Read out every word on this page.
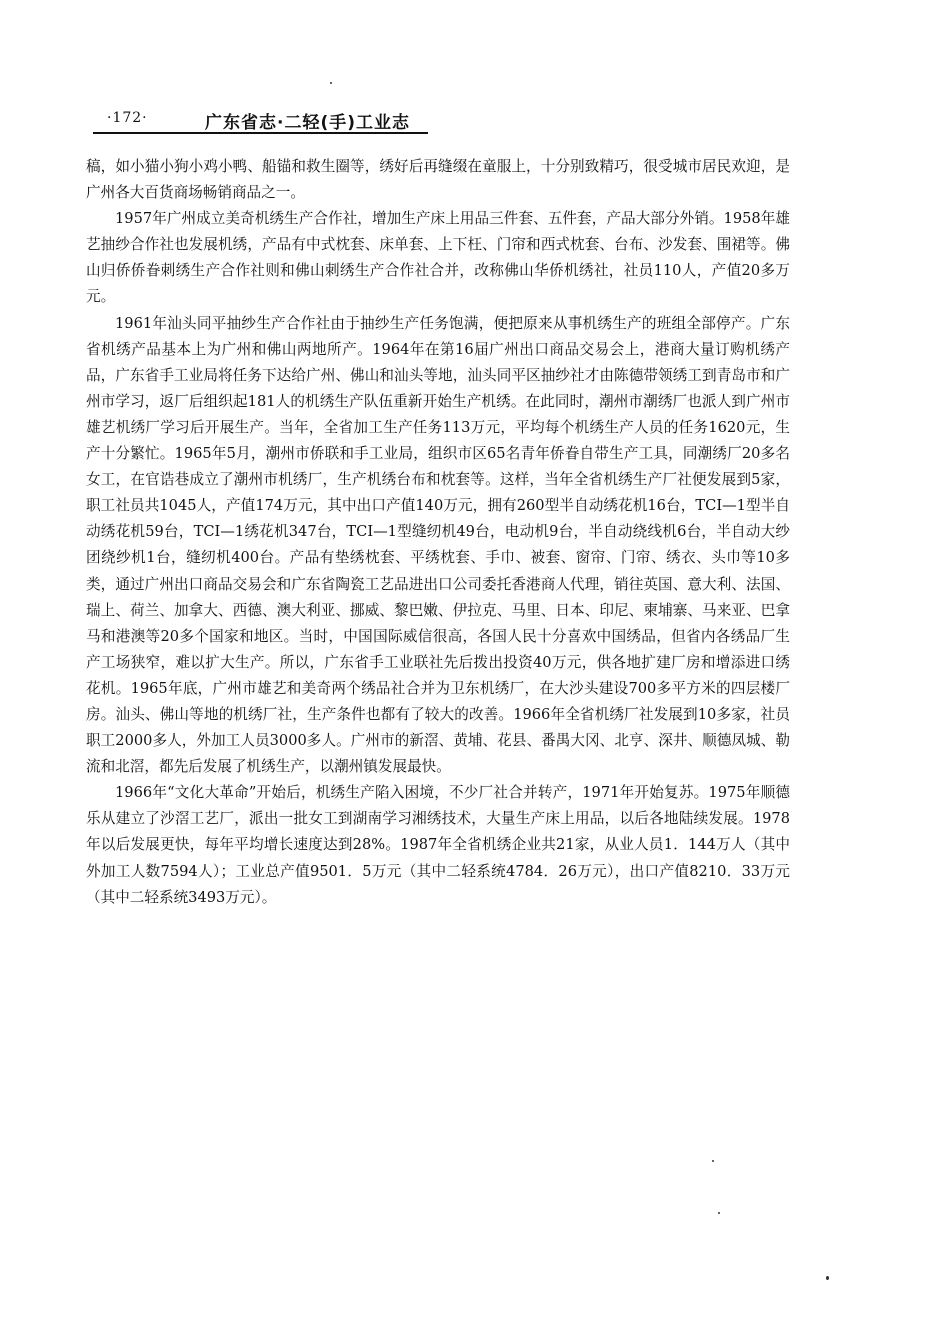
·172·	广东省志·二轻(手)工业志

稿，如小猫小狗小鸡小鸭、船锚和救生圈等，绣好后再缝缀在童服上，十分别致精巧，很受城市居民欢迎，是广州各大百货商场畅销商品之一。

1957年广州成立美奇机绣生产合作社，增加生产床上用品三件套、五件套，产品大部分外销。1958年雄艺抽纱合作社也发展机绣，产品有中式枕套、床单套、上下枉、门帘和西式枕套、台布、沙发套、围裙等。佛山归侨侨眷刺绣生产合作社则和佛山刺绣生产合作社合并，改称佛山华侨机绣社，社员110人，产值20多万元。

1961年汕头同平抽纱生产合作社由于抽纱生产任务饱满，便把原来从事机绣生产的班组全部停产。广东省机绣产品基本上为广州和佛山两地所产。1964年在第16届广州出口商品交易会上，港商大量订购机绣产品，广东省手工业局将任务下达给广州、佛山和汕头等地，汕头同平区抽纱社才由陈德带领绣工到青岛市和广州市学习，返厂后组织起181人的机绣生产队伍重新开始生产机绣。在此同时，潮州市潮绣厂也派人到广州市雄艺机绣厂学习后开展生产。当年，全省加工生产任务113万元，平均每个机绣生产人员的任务1620元，生产十分繁忙。1965年5月，潮州市侨联和手工业局，组织市区65名青年侨眷自带生产工具，同潮绣厂20多名女工，在官诰巷成立了潮州市机绣厂，生产机绣台布和枕套等。这样，当年全省机绣生产厂社便发展到5家，职工社员共1045人，产值174万元，其中出口产值140万元，拥有260型半自动绣花机16台，TCI—1型半自动绣花机59台，TCI—1绣花机347台，TCI—1型缝纫机49台，电动机9台，半自动绕线机6台，半自动大纱团绕纱机1台，缝纫机400台。产品有垫绣枕套、平绣枕套、手巾、被套、窗帘、门帘、绣衣、头巾等10多类，通过广州出口商品交易会和广东省陶瓷工艺品进出口公司委托香港商人代理，销往英国、意大利、法国、瑞上、荷兰、加拿大、西德、澳大利亚、挪威、黎巴嫩、伊拉克、马里、日本、印尼、柬埔寨、马来亚、巴拿马和港澳等20多个国家和地区。当时，中国国际威信很高，各国人民十分喜欢中国绣品，但省内各绣品厂生产工场狭窄，难以扩大生产。所以，广东省手工业联社先后拨出投资40万元，供各地扩建厂房和增添进口绣花机。1965年底，广州市雄艺和美奇两个绣品社合并为卫东机绣厂，在大沙头建设700多平方米的四层楼厂房。汕头、佛山等地的机绣厂社，生产条件也都有了较大的改善。1966年全省机绣厂社发展到10多家，社员职工2000多人，外加工人员3000多人。广州市的新滘、黄埔、花县、番禺大冈、北亨、深井、顺德凤城、勒流和北滘，都先后发展了机绣生产，以潮州镇发展最快。

1966年“文化大革命”开始后，机绣生产陷入困境，不少厂社合并转产，1971年开始复苏。1975年顺德乐从建立了沙滘工艺厂，派出一批女工到湖南学习湘绣技术，大量生产床上用品，以后各地陆续发展。1978年以后发展更快，每年平均增长速度达到28%。1987年全省机绣企业共21家，从业人员1．144万人（其中外加工人数7594人）；工业总产值9501．5万元（其中二轻系统4784．26万元），出口产值8210．33万元（其中二轻系统3493万元）。
